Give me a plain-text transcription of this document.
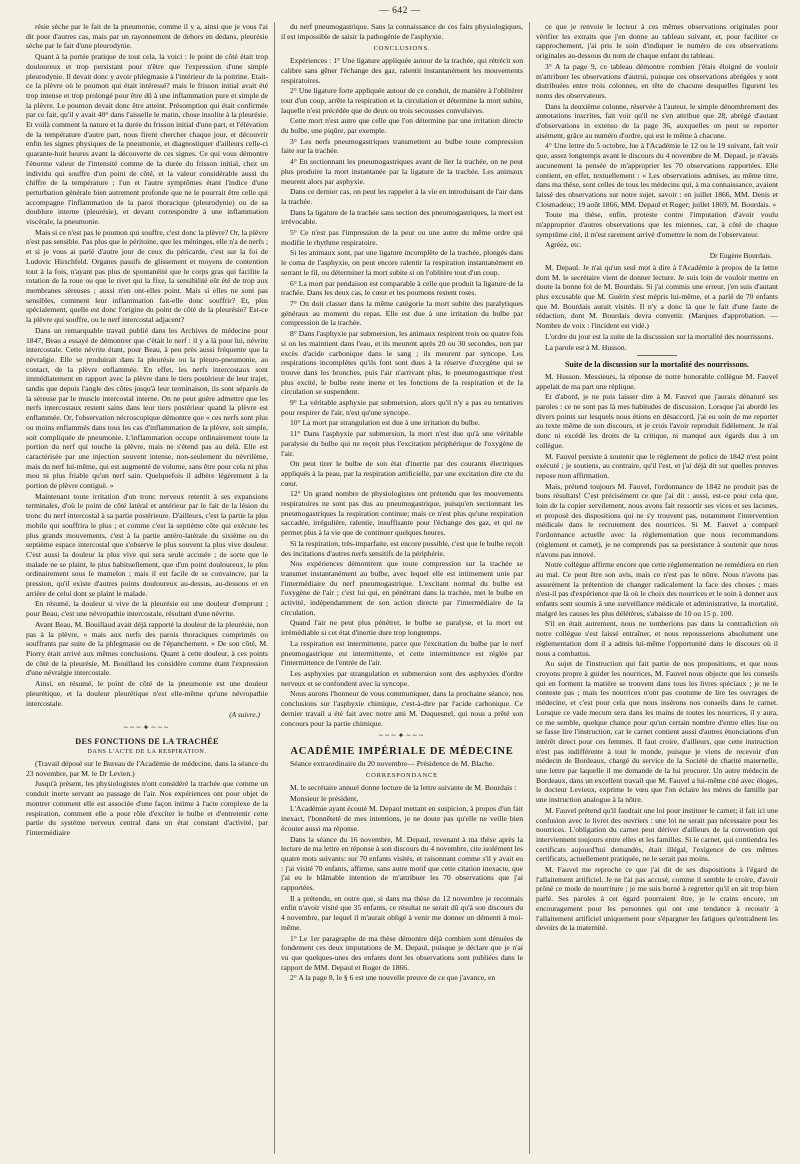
— 642 —

résie sèche par le fait de la pneumonie, comme il y a, ainsi que je vous l'ai dit pour d'autres cas, mais par un rayonnement de dehors en dedans, pleurésie sèche par le fait d'une pleurodynie.

Quant à la portée pratique de tout cela, la voici : le point de côté était trop douloureux et trop persistant pour n'être que l'expression d'une simple pleurodynie. Il devait donc y avoir phlegmasie à l'intérieur de la poitrine. Etait-ce la plèvre où le poumon qui était intéressé? mais le frisson initial avait été trop intense et trop prolongé pour être dû à une inflammation pure et simple de la plèvre. Le poumon devait donc être atteint. Présomption qui était confirmée par ce fait, qu'il y avait 40° dans l'aisselle le matin, chose insolite à la pleurésie. Et voilà comment la nature et la durée du frisson initial d'une part, et l'élévation de la température d'autre part, nous firent chercher chaque jour, et découvrir enfin les signes physiques de la pneumonie, et diagnostiquer d'ailleurs celle-ci quarante-huit heures avant la découverte de ces signes. Ce qui vous démontre l'énorme valeur de l'intensité comme de la durée du frisson initial, chez un individu qui souffre d'un point de côté, et la valeur considérable aussi du chiffre de la température ; l'un et l'autre symptômes étant l'indice d'une perturbation générale bien autrement profonde que ne le pourrait être celle qui accompagne l'inflammation de la paroi thoracique (pleurodynie) ou de sa doublure interne (pleurésie), et devant correspondre à une inflammation viscérale, la pneumonie.

Mais si ce n'est pas le poumon qui souffre, c'est donc la plèvre? Or, la plèvre n'est pas sensible. Pas plus que le péritoine, que les méninges, elle n'a de nerfs ; et si je vous ai parlé d'autre jour de ceux du péricarde, c'est sur la foi de Ludovic Hirschfeld. Organes passifs de glissement et moyens de contention tout à la fois, n'ayant pas plus de spontanéité que le corps gras qui facilite la rotation de la roue ou que le rivet qui la fixe, la sensibilité eût été de trop aux membranes séreuses ; aussi n'en ont-elles point. Mais si elles ne sont pas sensibles, comment leur inflammation fait-elle donc souffrir? Et, plus spécialement, quelle est donc l'origine du point de côté de la pleurésie? Est-ce la plèvre qui souffre, ou le nerf intercostal adjacent?

Dans un remarquable travail publié dans les Archives de médecine pour 1847, Beau a essayé de démontrer que c'était le nerf : il y a là pour lui, névrite intercostale. Cette névrite étant, pour Beau, à peu près aussi fréquente que la névralgie. Elle se produirait dans la pleurésie ou la pleuro-pneumonie, au contact, de la plèvre enflammée. En effet, les nerfs intercostaux sont immédiatement en rapport avec la plèvre dans le tiers postérieur de leur trajet, tandis que depuis l'angle des côtes jusqu'à leur terminaison, ils sont séparés de la séreuse par le muscle intercostal interne. On ne peut guère admettre que les nerfs intercostaux restent sains dans leur tiers postérieur quand la plèvre est enflammée. Or, l'observation nécroscopique démontre que « ces nerfs sont plus ou moins enflammés dans tous les cas d'inflammation de la plèvre, soit simple, soit compliquée de pneumonie. L'inflammation occupe ordinairement toute la portion du nerf qui touche la plèvre, mais ne s'étend pas au delà. Elle est caractérisée par une injection souvent intense, non-seulement du névrilème, mais du nerf lui-même, qui est augmenté de volume, sans être pour cela ni plus mou ni plus friable qu'un nerf sain. Quelquefois il adhère légèrement à la portion de plèvre contiguë. »

Maintenant toute irritation d'un tronc nerveux retentit à ses expansions terminales, d'où le point de côté latéral et antérieur par le fait de la lésion du tronc du nerf intercostal à sa partie postérieure. D'ailleurs, c'est la partie la plus mobile qui souffrira le plus ; et comme c'est la septième côte qui exécute les plus grands mouvements, c'est à la partie antéro-latérale du sixième ou du septième espace intercostal que s'observe le plus souvent la plus vive douleur. C'est aussi la douleur la plus vive qui sera seule accusée ; de sorte que le malade ne se plaint, le plus habituellement, que d'un point douloureux, le plus ordinairement sous le mamelon ; mais il est facile de se convaincre, par la pression, qu'il existe d'autres points douloureux au-dessus, au-dessous et en arrière de celui dont se plaint le malade.

En résumé, la douleur si vive de la pleurésie est une douleur d'emprunt ; pour Beau, c'est une névropathie intercostale, résultant d'une névrite.

Avant Beau, M. Bouillaud avait déjà rapporté la douleur de la pleurésie, non pas à la plèvre, « mais aux nerfs des parois thoraciques comprimés ou souffrants par suite de la phlegmasie ou de l'épanchement. » De son côté, M. Piorry était arrivé aux mêmes conclusions. Quant à cette douleur, à ces points de côté de la pleurésie, M. Bouillaud les considère comme étant l'expression d'une névralgie intercostale.

Ainsi, en résumé, le point de côté de la pneumonie est une douleur pleurétique, et la douleur pleurétique n'est elle-même qu'une névropathie intercostale.

(A suivre.)
~~~✦~~~
DES FONCTIONS DE LA TRACHÉE
DANS L'ACTE DE LA RESPIRATION.

(Travail déposé sur le Bureau de l'Académie de médecine, dans la séance du 23 novembre, par M. le Dr Levien.)

Jusqu'à présent, les physiologistes n'ont considéré la trachée que comme un conduit inerte servant au passage de l'air. Nos expériences ont pour objet de montrer comment elle est associée d'une façon intime à l'acte complexe de la respiration, comment elle a pour rôle d'exciter le bulbe et d'entretenir cette partie du système nerveux central dans un état constant d'activité, par l'intermédiaire

du nerf pneumogastrique. Sans la connaissance de ces faits physiologiques, il est impossible de saisir la pathogénie de l'asphyxie.

CONCLUSIONS.

Expériences : 1° Une ligature appliquée autour de la trachée, qui rétrécit son calibre sans gêner l'échange des gaz, ralentit instantanément les mouvements respiratoires.

2° Une ligature forte appliquée autour de ce conduit, de manière à l'oblitérer tout d'un coup, arrête la respiration et la circulation et détermine la mort subite, laquelle n'est précédée que de deux ou trois secousses convulsives.

Cette mort n'est autre que celle que l'on détermine par une irritation directe du bulbe, une piqûre, par exemple.

3° Les nerfs pneumogastriques transmettent au bulbe toute compression faite sur la trachée.

4° En sectionnant les pneumogastriques avant de lier la trachée, on ne peut plus produire la mort instantanée par la ligature de la trachée. Les animaux meurent alors par asphyxie.

Dans ce dernier cas, on peut les rappeler à la vie en introduisant de l'air dans la trachée.

Dans la ligature de la trachée sans section des pneumogastriques, la mort est irrévocable.

5° Ce n'est pas l'impression de la peur ou une autre du même ordre qui modifie le rhythme respiratoire.

Si les animaux sont, par une ligature incomplète de la trachée, plongés dans le coma de l'asphyxie, on peut encore ralentir la respiration instantanément en serrant le fil, ou déterminer la mort subite si on l'oblitère tout d'un coup.

6° La mort par pendaison est comparable à celle que produit la ligature de la trachée. Dans les deux cas, le cœur et les poumons restent roses.

7° On doit classer dans la même catégorie la mort subite des paralytiques généraux au moment du repas. Elle est due à une irritation du bulbe par compression de la trachée.

8° Dans l'asphyxie par submersion, les animaux respirent trois ou quatre fois si on les maintient dans l'eau, et ils meurent après 20 ou 30 secondes, non par excès d'acide carbonique dans le sang ; ils meurent par syncope. Les respirations incomplètes qu'ils font sont dues à la réserve d'oxygène qui se trouve dans les bronches, puis l'air n'arrivant plus, le pneumogastrique n'est plus excité, le bulbe reste inerte et les fonctions de la respiration et de la circulation se suspendent.

9° La véritable asphyxie par submersion, alors qu'il n'y a pas eu tentatives pour respirer de l'air, n'est qu'une syncope.

10° La mort par strangulation est due à une irritation du bulbe.

11° Dans l'asphyxie par submersion, la mort n'est due qu'à une véritable paralysie du bulbe qui ne reçoit plus l'excitation périphérique de l'oxygène de l'air.

On peut tirer le bulbe de son état d'inertie par des courants électriques appliqués à la peau, par la respiration artificielle, par une excitation dire cte du cœur.

12° Un grand nombre de physiologistes ont prétendu que les mouvements respiratoires ne sont pas dus au pneumogastrique, puisqu'en sectionnant les pneumogastriques la respiration continue; mais ce n'est plus qu'une respiration saccadée, irrégulière, ralentie, insuffisante pour l'échange des gaz, et qui ne permet plus à la vie que de continuer quelques heures.

Si la respiration, très-imparfaite, est encore possible, c'est que le bulbe reçoit des incitations d'autres nerfs sensitifs de la périphérie.

Nos expériences démontrent que toute compression sur la trachée se transmet instantanément au bulbe, avec lequel elle est intimement unie par l'intermédiaire du nerf pneumogastrique. L'excitant normal du bulbe est l'oxygène de l'air ; c'est lui qui, en pénétrant dans la trachée, met le bulbe en activité, indépendamment de son action directe par l'intermédiaire de la circulation.

Quand l'air ne peut plus pénétrer, le bulbe se paralyse, et la mort est irrémédiable si cet état d'inertie dure trop longtemps.

La respiration est intermittente, parce que l'excitation du bulbe par le nerf pneumogastrique est intermittente, et cette intermittence est réglée par l'intermittence de l'entrée de l'air.

Les asphyxies par strangulation et submersion sont des asphyxies d'ordre nerveux et se confondent avec la syncope.

Nous aurons l'honneur de vous communiquer, dans la prochaine séance, nos conclusions sur l'asphyxie chimique, c'est-à-dire par l'acide carbonique. Ce dernier travail a été fait avec notre ami M. Duquesnel, qui nous a prêté son concours pour la partie chimique.

~~~✦~~~
ACADÉMIE IMPÉRIALE DE MÉDECINE

Séance extraordinaire du 20 novembre— Présidence de M. Blache.

CORRESPONDANCE

M. le secrétaire annuel donne lecture de la lettre suivante de M. Bourdais :

Monsieur le président,

L'Académie ayant écouté M. Depaul mettant en suspicion, à propos d'un fait inexact, l'honnêteté de mes intentions, je ne doute pas qu'elle ne veille bien écouter aussi ma réponse.

Dans la séance du 16 novembre, M. Depaul, revenant à ma thèse après la lecture de ma lettre en réponse à son discours du 4 novembre, cite isolément les quatre mots suivants: sur 70 enfants visités, et raisonnant comme s'il y avait eu : j'ai visité 70 enfants, affirme, sans autre motif que cette citation inexacte, que j'ai eu le blâmable intention de m'attribuer les 70 observations que j'ai rapportées.

Il a prétendu, en outre que, si dans ma thèse du 12 novembre je reconnais enfin n'avoir visité que 35 enfants, ce résultat ne serait dû qu'à son discours du 4 novembre, par lequel il m'aurait obligé à venir me donner un démenti à moi-même.

1° Le 1er paragraphe de ma thèse démontre déjà combien sont dénuées de fondement ces deux imputations de M. Depaul, puisque je déclare que je n'ai vu que quelques-unes des enfants dont les observations sont publiées dans le rapport de MM. Depaul et Roger de 1866.

2° A la page 8, le § 6 est une nouvelle preuve de ce que j'avance, en

ce que je renvoie le lecteur à ces mêmes observations originales pour vérifier les extraits que j'en donne au tableau suivant, et, pour faciliter ce rapprochement, j'ai pris le soin d'indiquer le numéro de ces observations originales au-dessous du nom de chaque enfant du tableau.

3° A la page 9, ce tableau démontre combien j'étais éloigné de vouloir m'attribuer les observations d'autrui, puisque ces observations abrégées y sont distribuées entre trois colonnes, en tête de chacune desquelles figurent les noms des observateurs.

Dans la deuxième colonne, réservée à l'auteur, le simple dénombrement des annotations inscrites, fait voir qu'il ne s'en attribue que 28, abrégé d'autant d'observations in extenso de la page 36, auxquelles on peut se reporter aisément, grâce au numéro d'ordre, qui est le même à chacune.

4° Une lettre du 5 octobre, lue à l'Académie le 12 ou le 19 suivant, fait voir que, assez longtemps avant le discours du 4 novembre de M. Depaul, je n'avais aucunement la pensée de m'approprier les 70 observations rapportées. Elle contient, en effet, textuellement : « Les observations admises, au même titre, dans ma thèse, sont celles de tous les médecins qui, à ma connaissance, avaient laissé des observations sur notre sujet, savoir : en juillet 1866, MM. Denis et Closmadeuc; 19 août 1866, MM. Depaul et Roger; juillet 1869, M. Bourdais. »

Toute ma thèse, enfin, proteste contre l'imputation d'avoir voulu m'approprier d'autres observations que les miennes, car, à côté de chaque symptôme cité, il m'est rarement arrivé d'omettre le nom de l'observateur.

Agréez, etc.

Dr Eugène Bourdais.

M. Depaul. Je n'ai qu'un seul mot à dire à l'Académie à propos de la lettre dont M. le secrétaire vient de donner lecture. Je suis loin de vouloir mettre en doute la bonne foi de M. Bourdais. Si j'ai commis une erreur, j'en suis d'autant plus excusable que M. Guérin s'est mépris lui-même, et a parlé de 70 enfants que M. Bourdais aurait visités. Il n'y a donc là que le fait d'une faute de rédaction, dont M. Bourdais devra convenir. (Marques d'approbation. — Nombre de voix : l'incident est vidé.)

L'ordre du jour est la suite de la discussion sur la mortalité des nourrissons.

La parole est à M. Husson.

Suite de la discussion sur la mortalité des nourrissons.

M. Husson. Messieurs, la réponse de notre honorable collègue M. Fauvel appelait de ma part une réplique.

Et d'abord, je ne puis laisser dire à M. Fauvel que j'aurais dénaturé ses paroles : ce ne sont pas là mes habitudes de discussion. Lorsque j'ai abordé les divers points sur lesquels nous étions en désaccord, j'ai eu soin de me reporter au texte même de son discours, et je crois l'avoir reproduit fidèlement. Je n'ai donc ni excédé les droits de la critique, ni manqué aux égards dus à un collègue.

M. Fauvel persiste à soutenir que le règlement de police de 1842 n'est point exécuté ; je soutiens, au contraire, qu'il l'est, et j'ai déjà dit sur quelles preuves repose mon affirmation.

Mais, prétend toujours M. Fauvel, l'ordonnance de 1842 ne produit pas de bons résultats! C'est précisément ce que j'ai dit : aussi, est-ce pour cela que, loin de la copier servilement, nous avons fait ressortir ses vices et ses lacunes, et proposé des dispositions qui ne s'y trouvent pas, notamment l'intervention médicale dans le recrutement des nourrices. Si M. Fauvel a comparé l'ordonnance actuelle avec la réglementation que nous recommandons (règlement et carnet), je ne comprends pas sa persistance à soutenir que nous n'avons pas innové.

Notre collègue affirme encore que cette réglementation ne remédiera en rien au mal. Ce peut être son avis, mais ce n'est pas le nôtre. Nous n'avons pas assurément la prétention de changer radicalement la face des choses ; mais n'est-il pas d'expérience que là où le choix des nourrices et le soin à donner aux enfants sont soumis à une surveillance médicale et administrative, la mortalité, malgré les causes les plus délétères, s'abaisse de 10 ou 15 p. 100.

S'il en était autrement, nous ne tomberions pas dans la contradiction où notre collègue s'est laissé entraîner, et nous repousserions absolument une réglementation dont il a admis lui-même l'opportunité dans le discours où il nous a combattus.

Au sujet de l'instruction qui fait partie de nos propositions, et que nous croyons propre à guider les nourrices, M. Fauvel nous objecte que les conseils qui en forment la matière se trouvent dans tous les livres spéciaux ; je ne le conteste pas ; mais les nourrices n'ont pas coutume de lire les ouvrages de médecine, et c'est pour cela que nous insérons nos conseils dans le carnet. Lorsque ce vade mecum sera dans les mains de toutes les nourrices, il y aura, ce me semble, quelque chance pour qu'un certain nombre d'entre elles lise ou se fasse lire l'instruction, car le carnet contient aussi d'autres énonciations d'un intérêt direct pour ces femmes. Il faut croire, d'ailleurs, que cette instruction n'est pas indifférente à tout le monde, puisque je viens de recevoir d'un médecin de Bordeaux, chargé du service de la Société de charité maternelle, une lettre par laquelle il me demande de la lui procurer. Un autre médecin de Bordeaux, dans un excellent travail que M. Fauvel a lui-même cité avec éloges, le docteur Levieux, exprime le vœu que l'on éclaire les mères de famille par une instruction analogue à la nôtre.

M. Fauvel prétend qu'il faudrait une loi pour instituer le carnet; il fait ici une confusion avec le livret des ouvriers : une loi ne serait pas nécessaire pour les nourrices. L'obligation du carnet peut dériver d'ailleurs de la convention qui interviennent toujours entre elles et les familles. Si le carnet, qui contiendra les certificats aujourd'hui demandés, était illégal, l'exigence de ces mêmes certificats, actuellement pratiquée, ne le serait pas moins.

M. Fauvel me reproche ce que j'ai dit de ses dispositions à l'égard de l'allaitement artificiel. Je ne l'ai pas accusé, comme il semble le croire, d'avoir prôné ce mode de nourriture ; je me suis borné à regretter qu'il en ait trop bien parlé. Ses paroles à cet égard pourraient être, je le crains encore, un encouragement pour les personnes qui ont une tendance à recourir à l'allaitement artificiel uniquement pour s'épargner les fatigues qu'entraînent les devoirs de la maternité.
